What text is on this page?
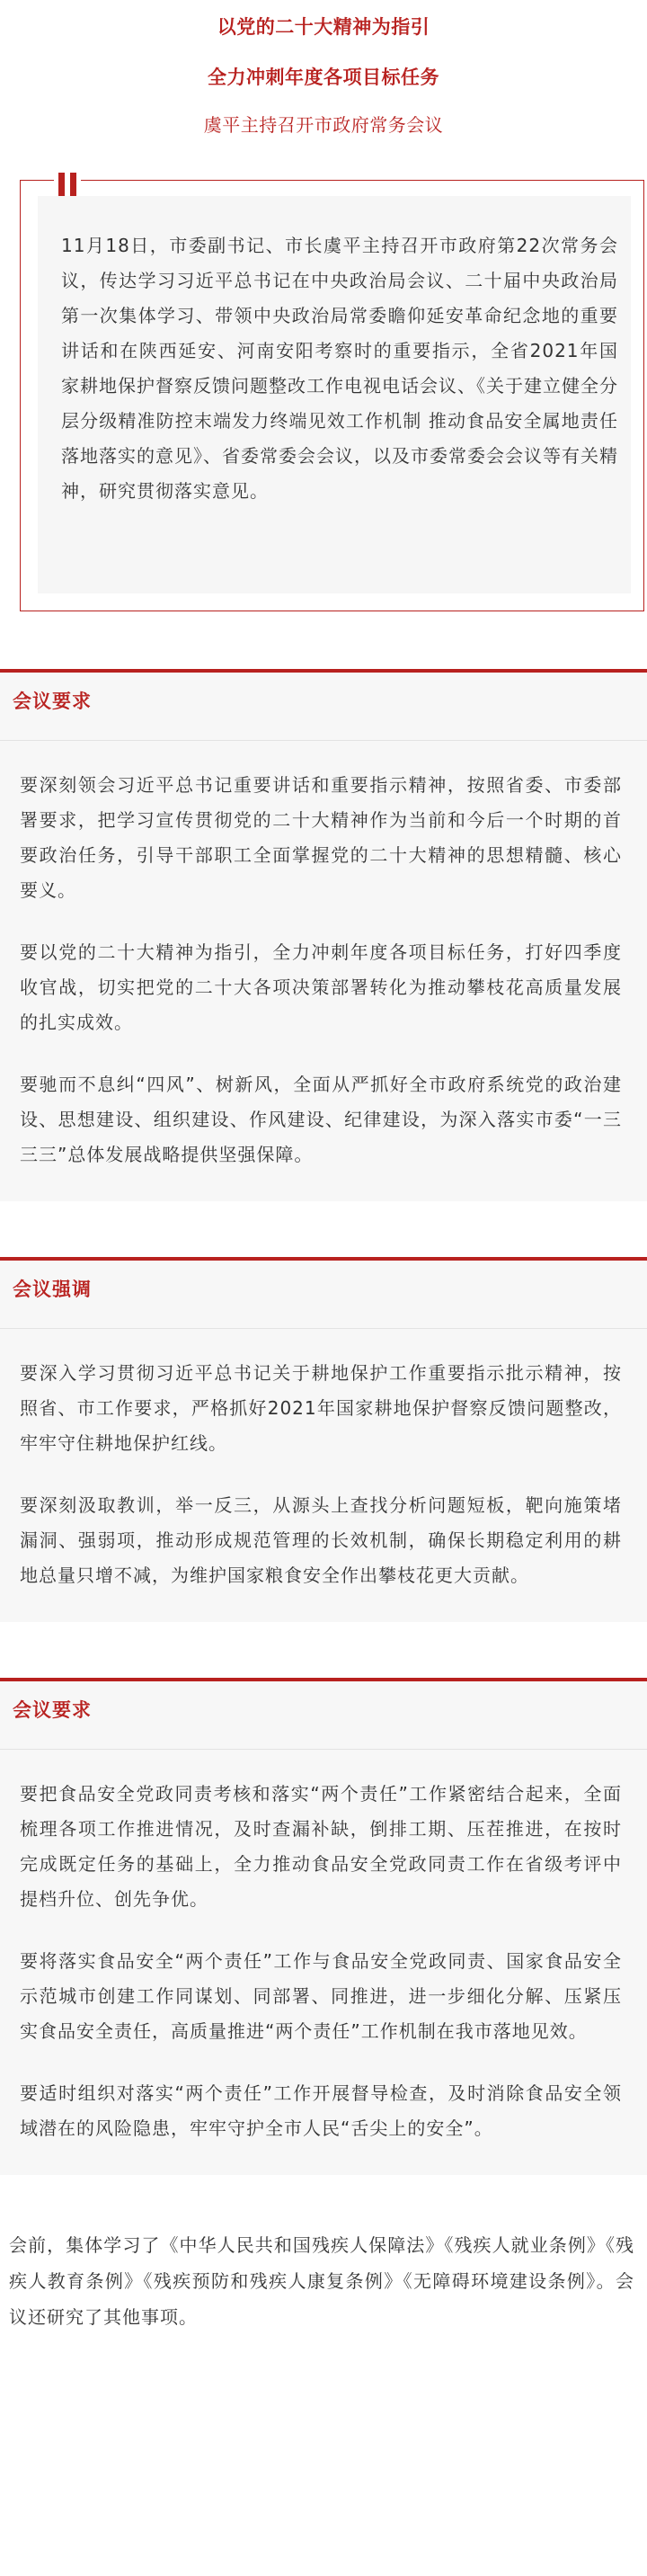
以党的二十大精神为指引
全力冲刺年度各项目标任务
虞平主持召开市政府常务会议

11月18日，市委副书记、市长虞平主持召开市政府第22次常务会议，传达学习习近平总书记在中央政治局会议、二十届中央政治局第一次集体学习、带领中央政治局常委瞻仰延安革命纪念地的重要讲话和在陕西延安、河南安阳考察时的重要指示，全省2021年国家耕地保护督察反馈问题整改工作电视电话会议、《关于建立健全分层分级精准防控末端发力终端见效工作机制 推动食品安全属地责任落地落实的意见》、省委常委会会议，以及市委常委会会议等有关精神，研究贯彻落实意见。

会议要求

要深刻领会习近平总书记重要讲话和重要指示精神，按照省委、市委部署要求，把学习宣传贯彻党的二十大精神作为当前和今后一个时期的首要政治任务，引导干部职工全面掌握党的二十大精神的思想精髓、核心要义。

要以党的二十大精神为指引，全力冲刺年度各项目标任务，打好四季度收官战，切实把党的二十大各项决策部署转化为推动攀枝花高质量发展的扎实成效。

要驰而不息纠“四风”、树新风，全面从严抓好全市政府系统党的政治建设、思想建设、组织建设、作风建设、纪律建设，为深入落实市委“一三三三”总体发展战略提供坚强保障。

会议强调

要深入学习贯彻习近平总书记关于耕地保护工作重要指示批示精神，按照省、市工作要求，严格抓好2021年国家耕地保护督察反馈问题整改，牢牢守住耕地保护红线。

要深刻汲取教训，举一反三，从源头上查找分析问题短板，靶向施策堵漏洞、强弱项，推动形成规范管理的长效机制，确保长期稳定利用的耕地总量只增不减，为维护国家粮食安全作出攀枝花更大贡献。

会议要求

要把食品安全党政同责考核和落实“两个责任”工作紧密结合起来，全面梳理各项工作推进情况，及时查漏补缺，倒排工期、压茬推进，在按时完成既定任务的基础上，全力推动食品安全党政同责工作在省级考评中提档升位、创先争优。

要将落实食品安全“两个责任”工作与食品安全党政同责、国家食品安全示范城市创建工作同谋划、同部署、同推进，进一步细化分解、压紧压实食品安全责任，高质量推进“两个责任”工作机制在我市落地见效。

要适时组织对落实“两个责任”工作开展督导检查，及时消除食品安全领域潜在的风险隐患，牢牢守护全市人民“舌尖上的安全”。

会前，集体学习了《中华人民共和国残疾人保障法》《残疾人就业条例》《残疾人教育条例》《残疾预防和残疾人康复条例》《无障碍环境建设条例》。会议还研究了其他事项。
